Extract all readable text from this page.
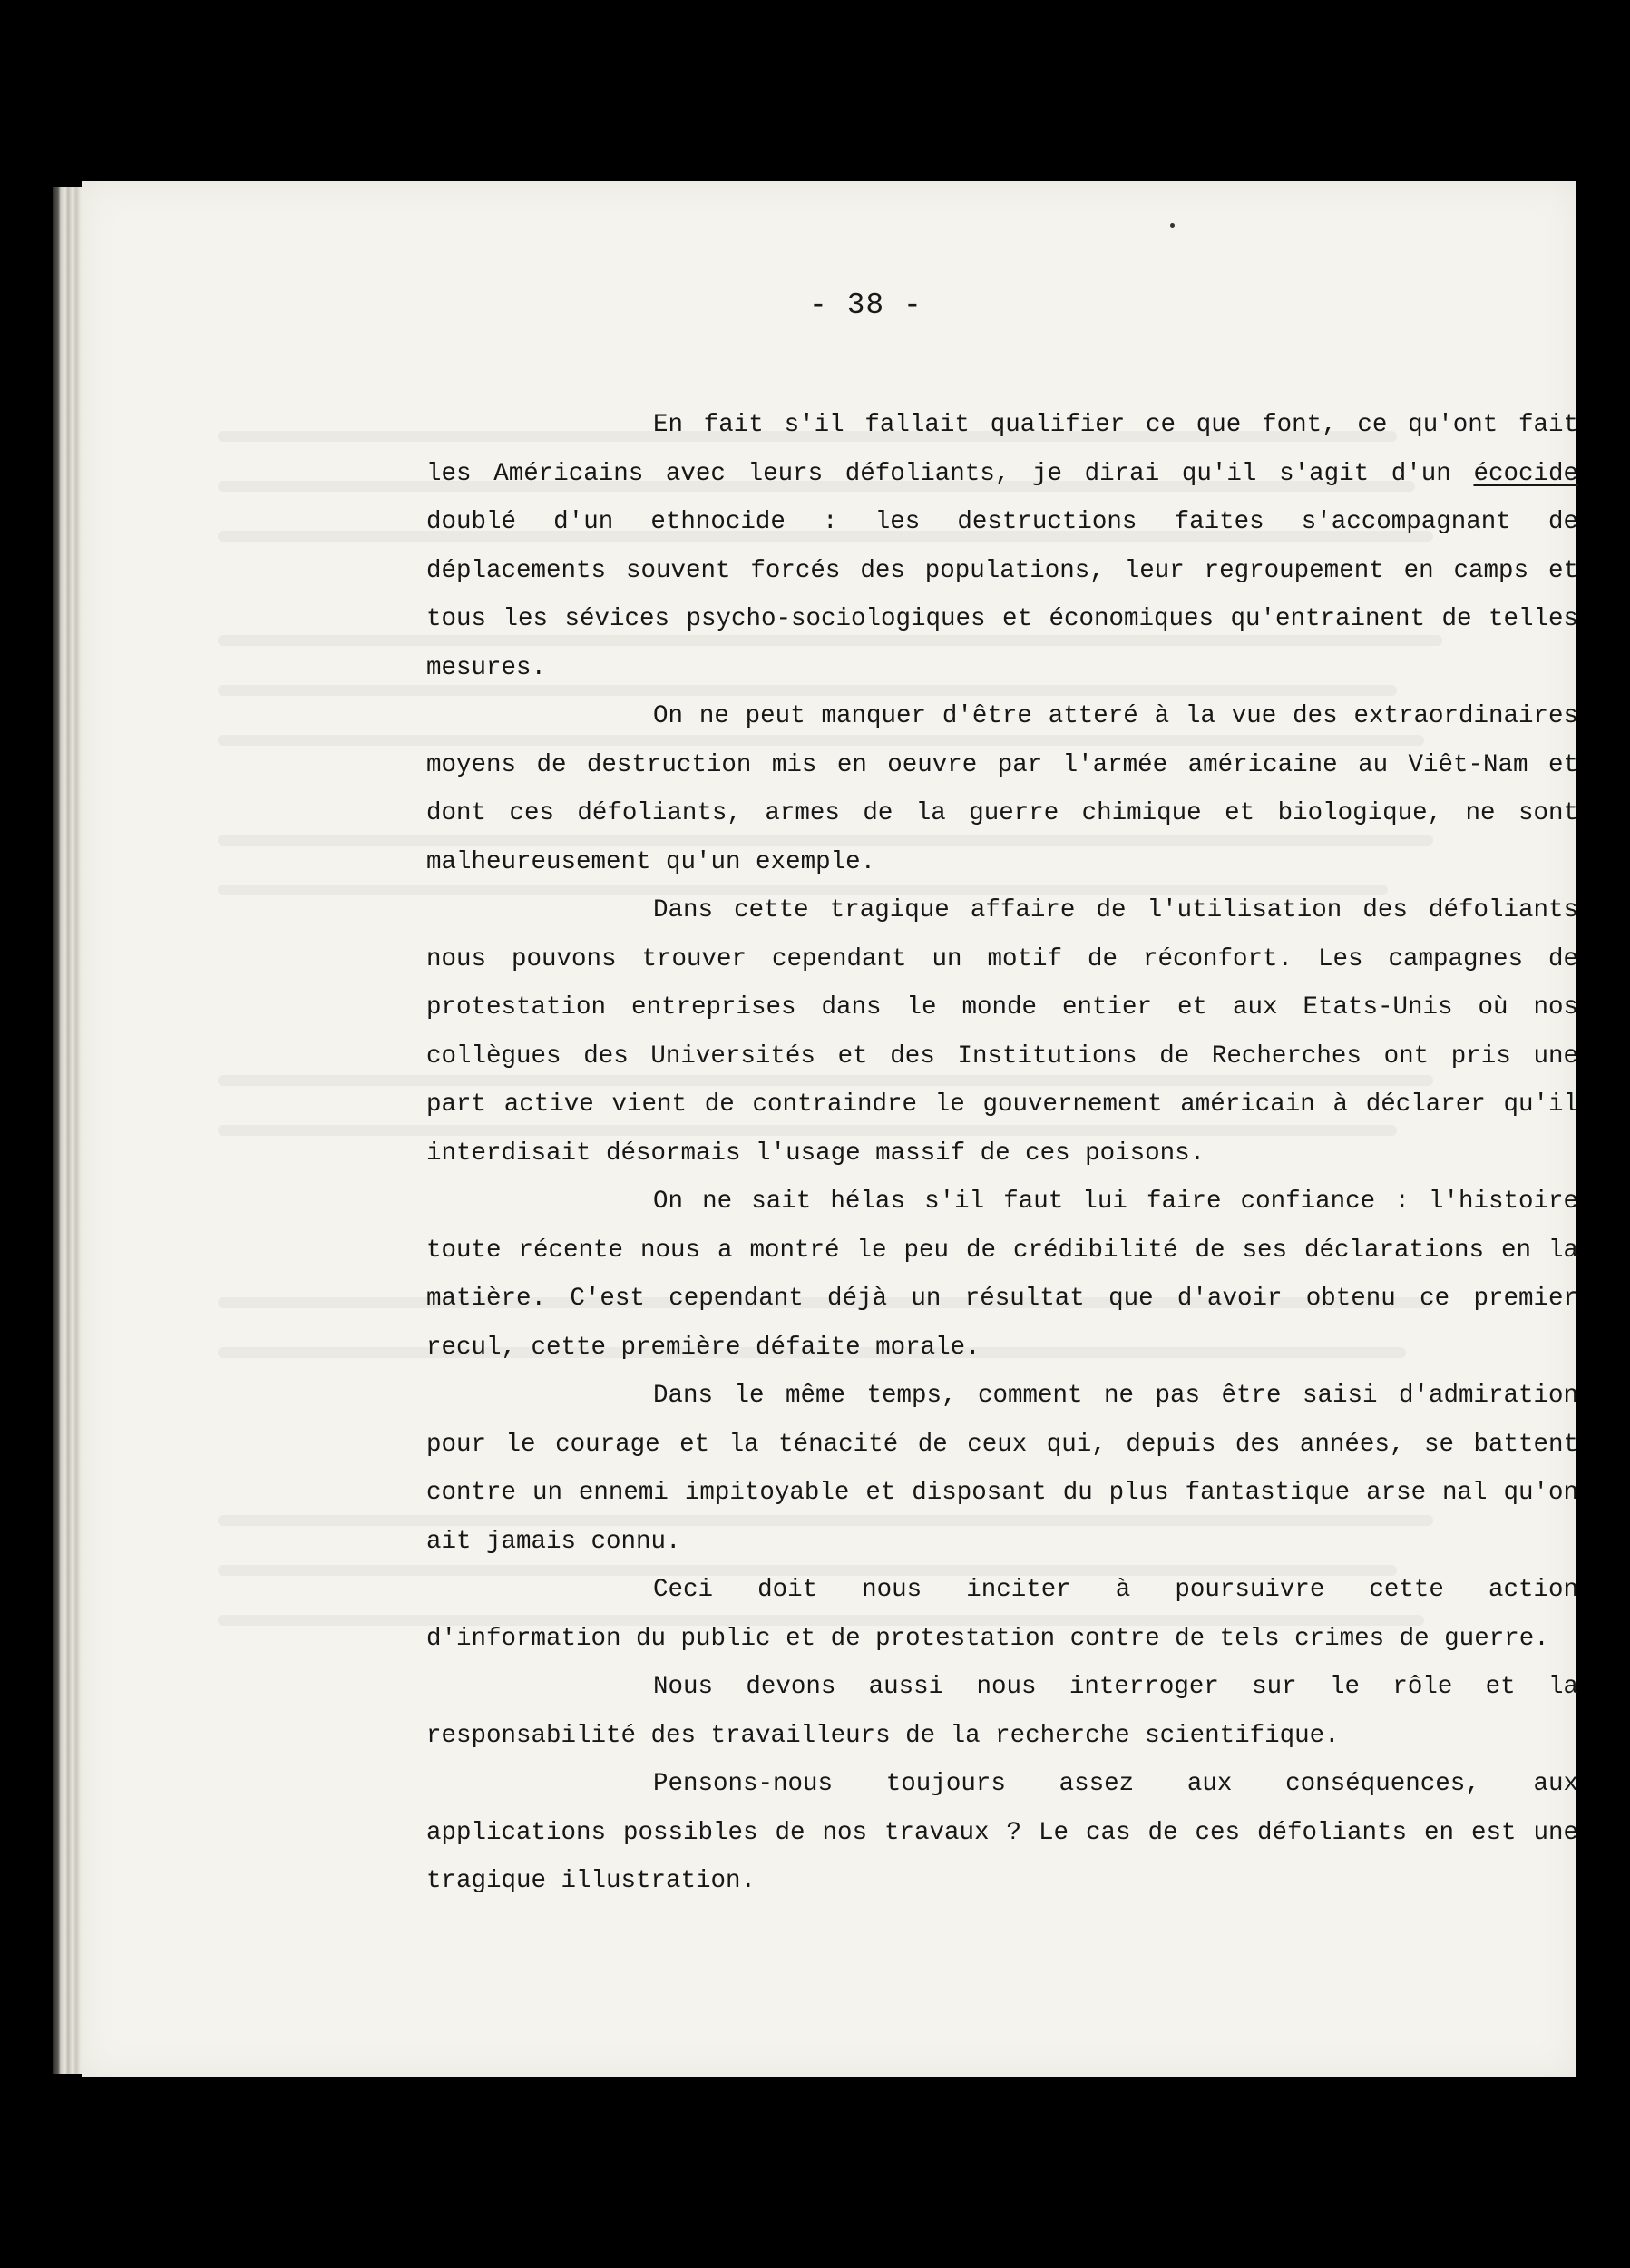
- 38 -

En fait s'il fallait qualifier ce que font, ce qu'ont fait les Américains avec leurs défoliants, je dirai qu'il s'agit d'un écocide doublé d'un ethnocide : les destructions faites s'accompagnant de déplacements souvent forcés des populations, leur regroupement en camps et tous les sévices psycho-sociologiques et économiques qu'entrainent de telles mesures.

On ne peut manquer d'être atteré à la vue des extraordinaires moyens de destruction mis en oeuvre par l'armée américaine au Viêt-Nam et dont ces défoliants, armes de la guerre chimique et biologique, ne sont malheureusement qu'un exemple.

Dans cette tragique affaire de l'utilisation des défoliants nous pouvons trouver cependant un motif de réconfort. Les campagnes de protestation entreprises dans le monde entier et aux Etats-Unis où nos collègues des Universités et des Institutions de Recherches ont pris une part active vient de contraindre le gouvernement américain à déclarer qu'il interdisait désormais l'usage massif de ces poisons.

On ne sait hélas s'il faut lui faire confiance : l'histoire toute récente nous a montré le peu de crédibilité de ses déclarations en la matière. C'est cependant déjà un résultat que d'avoir obtenu ce premier recul, cette première défaite morale.

Dans le même temps, comment ne pas être saisi d'admiration pour le courage et la ténacité de ceux qui, depuis des années, se battent contre un ennemi impitoyable et disposant du plus fantastique arse nal qu'on ait jamais connu.

Ceci doit nous inciter à poursuivre cette action d'information du public et de protestation contre de tels crimes de guerre.

Nous devons aussi nous interroger sur le rôle et la responsabilité des travailleurs de la recherche scientifique.

Pensons-nous toujours assez aux conséquences, aux applications possibles de nos travaux ? Le cas de ces défoliants en est une tragique illustration.
